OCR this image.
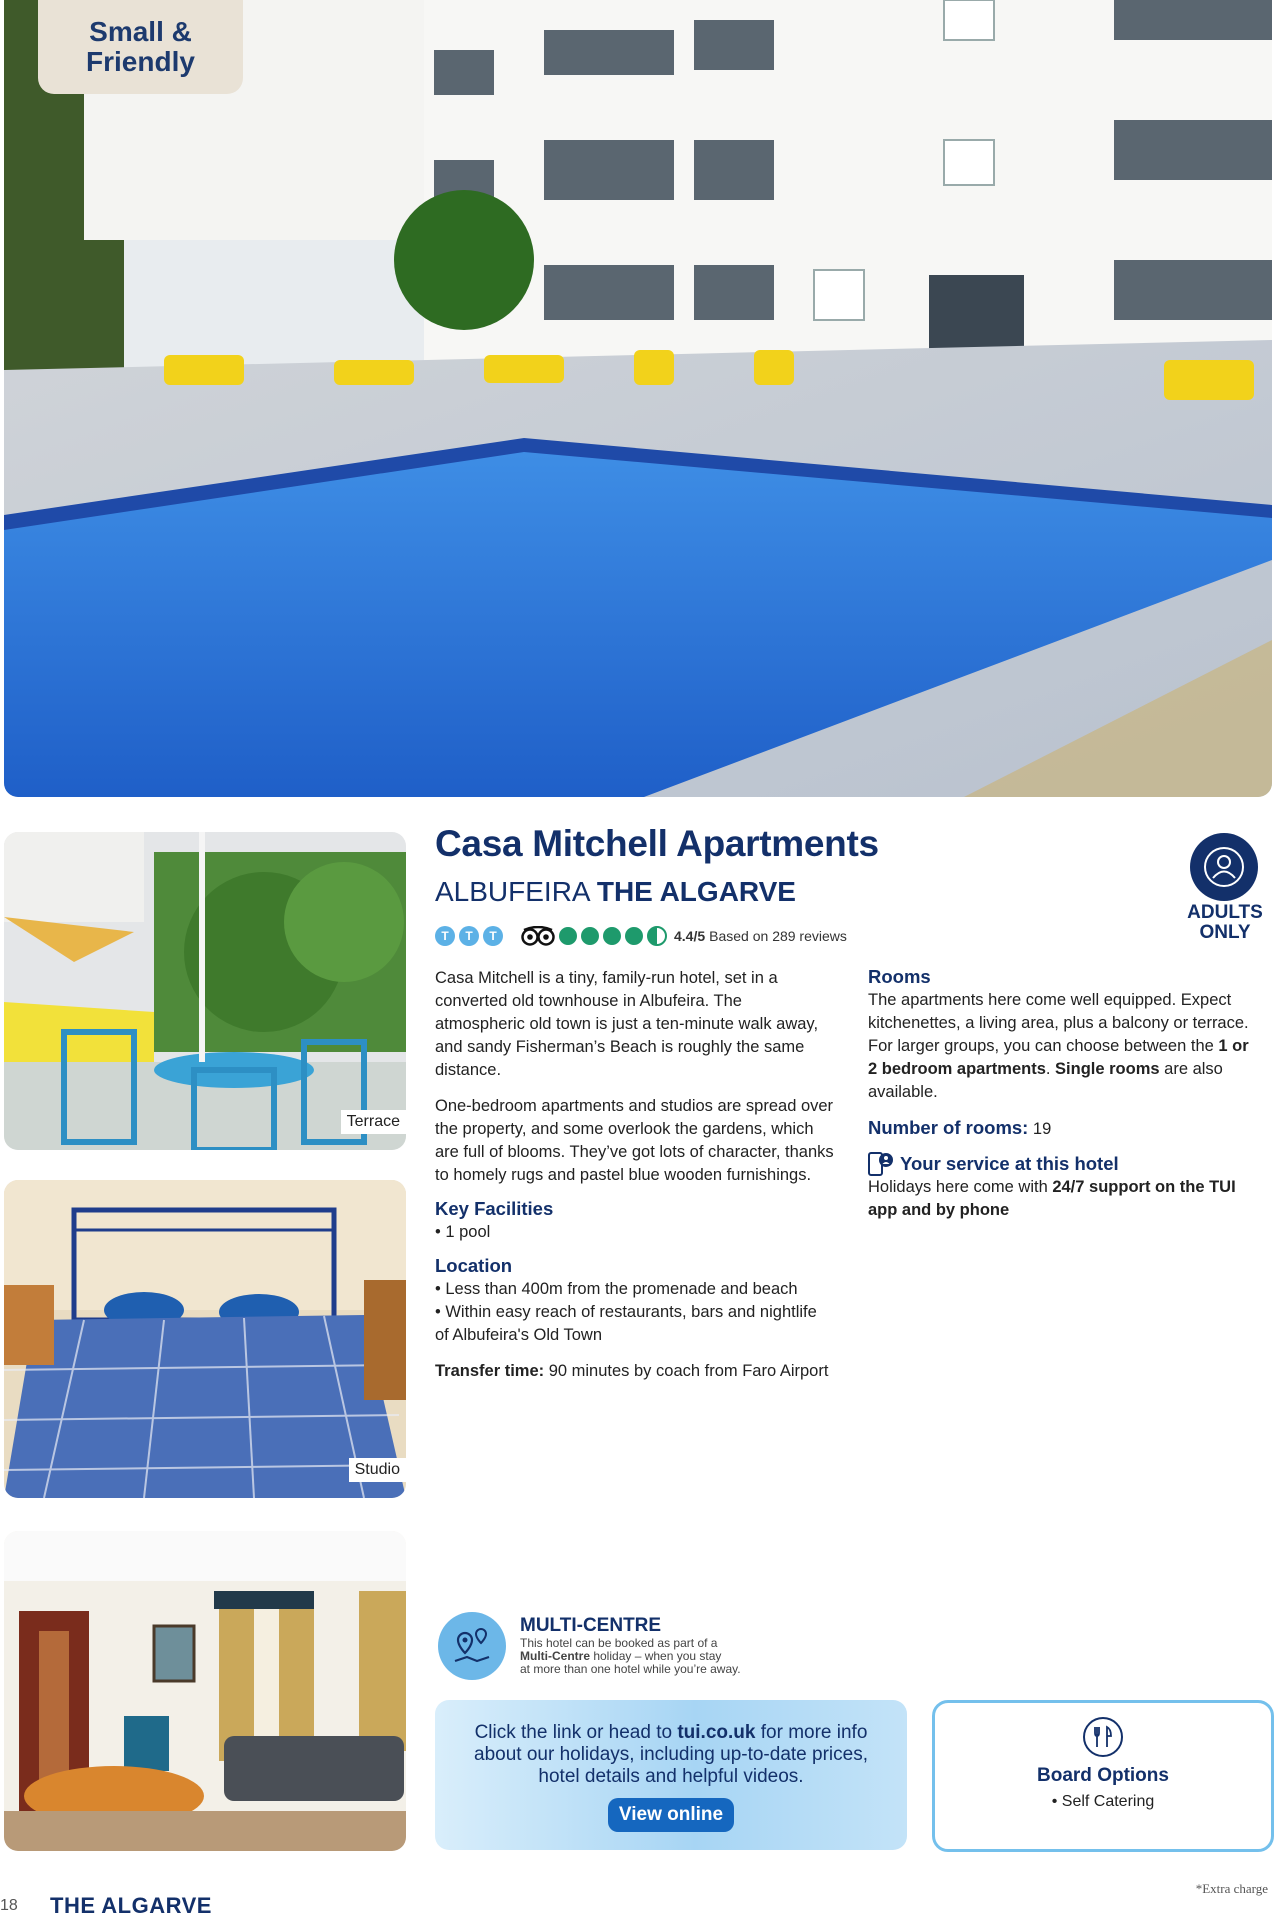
Small &
Friendly
Terrace
Studio
Casa Mitchell Apartments
ALBUFEIRA THE ALGARVE
T	T	T	4.4/5 Based on 289 reviews
ADULTS
ONLY

Casa Mitchell is a tiny, family-run hotel, set in a converted old townhouse in Albufeira. The atmospheric old town is just a ten-minute walk away, and sandy Fisherman’s Beach is roughly the same distance.

One-bedroom apartments and studios are spread over the property, and some overlook the gardens, which are full of blooms. They’ve got lots of character, thanks to homely rugs and pastel blue wooden furnishings.

Key Facilities

• 1 pool

Location

• Less than 400m from the promenade and beach

• Within easy reach of restaurants, bars and nightlife of Albufeira's Old Town

Transfer time: 90 minutes by coach from Faro Airport

Rooms

The apartments here come well equipped. Expect kitchenettes, a living area, plus a balcony or terrace. For larger groups, you can choose between the 1 or 2 bedroom apartments. Single rooms are also available.

Number of rooms: 19

Your service at this hotel

Holidays here come with 24/7 support on the TUI app and by phone

MULTI-CENTRE
This hotel can be booked as part of a
Multi-Centre holiday – when you stay
at more than one hotel while you’re away.
Click the link or head to tui.co.uk for more info about our holidays, including up-to-date prices, hotel details and helpful videos.
View online
Board Options
• Self Catering
*Extra charge
18 THE ALGARVE
